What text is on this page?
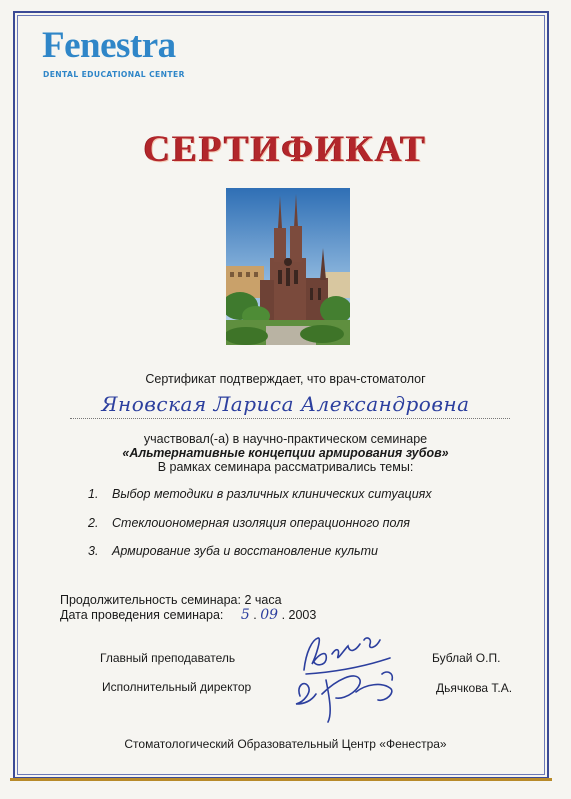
Fenestra
DENTAL EDUCATIONAL CENTER
СЕРТИФИКАТ
Сертификат подтверждает, что врач-стоматолог
Яновская Лариса Александровна
участвовал(-а) в научно-практическом семинаре
«Альтернативные концепции армирования зубов»
В рамках семинара рассматривались темы:
1. Выбор методики в различных клинических ситуациях
2. Стеклоиономерная изоляция операционного поля
3. Армирование зуба и восстановление культи
Продолжительность семинара: 2 часа
Дата проведения семинара: 5 . 09 . 2003
Главный преподаватель	Бублай О.П.
Исполнительный директор	Дьячкова Т.А.
Стоматологический Образовательный Центр «Фенестра»
